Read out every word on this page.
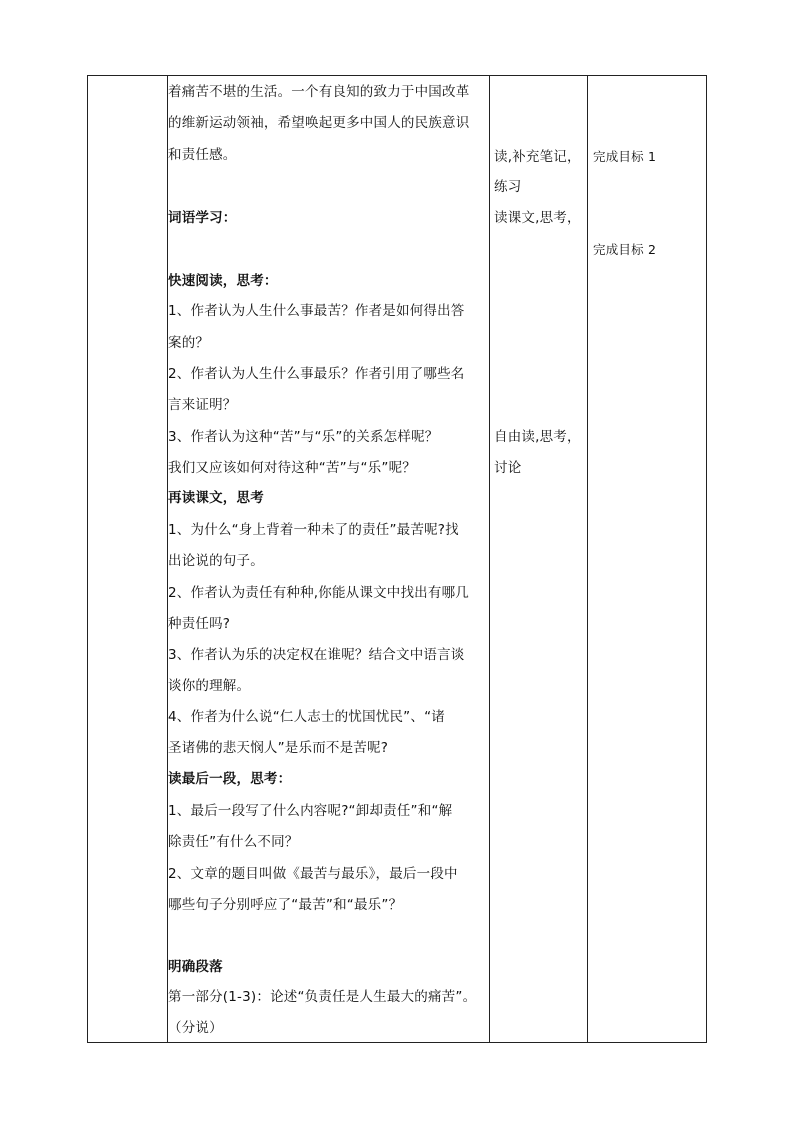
着痛苦不堪的生活。一个有良知的致力于中国改革
的维新运动领袖，希望唤起更多中国人的民族意识
和责任感。
词语学习：
快速阅读，思考：
1、作者认为人生什么事最苦？作者是如何得出答
案的？
2、作者认为人生什么事最乐？作者引用了哪些名
言来证明？
3、作者认为这种“苦”与“乐”的关系怎样呢？
我们又应该如何对待这种“苦”与“乐”呢？
再读课文，思考
1、为什么“身上背着一种未了的责任”最苦呢?找
出论说的句子。
2、作者认为责任有种种,你能从课文中找出有哪几
种责任吗?
3、作者认为乐的决定权在谁呢？结合文中语言谈
谈你的理解。
4、作者为什么说“仁人志士的忧国忧民”、“诸
圣诸佛的悲天悯人”是乐而不是苦呢?
读最后一段，思考：
1、最后一段写了什么内容呢?“卸却责任”和“解
除责任”有什么不同？
2、文章的题目叫做《最苦与最乐》，最后一段中
哪些句子分别呼应了“最苦”和“最乐”？
明确段落
第一部分(1-3)：论述“负责任是人生最大的痛苦”。
（分说）
读,补充笔记，
练习
读课文,思考，
自由读,思考，
讨论
完成目标 1
完成目标 2
